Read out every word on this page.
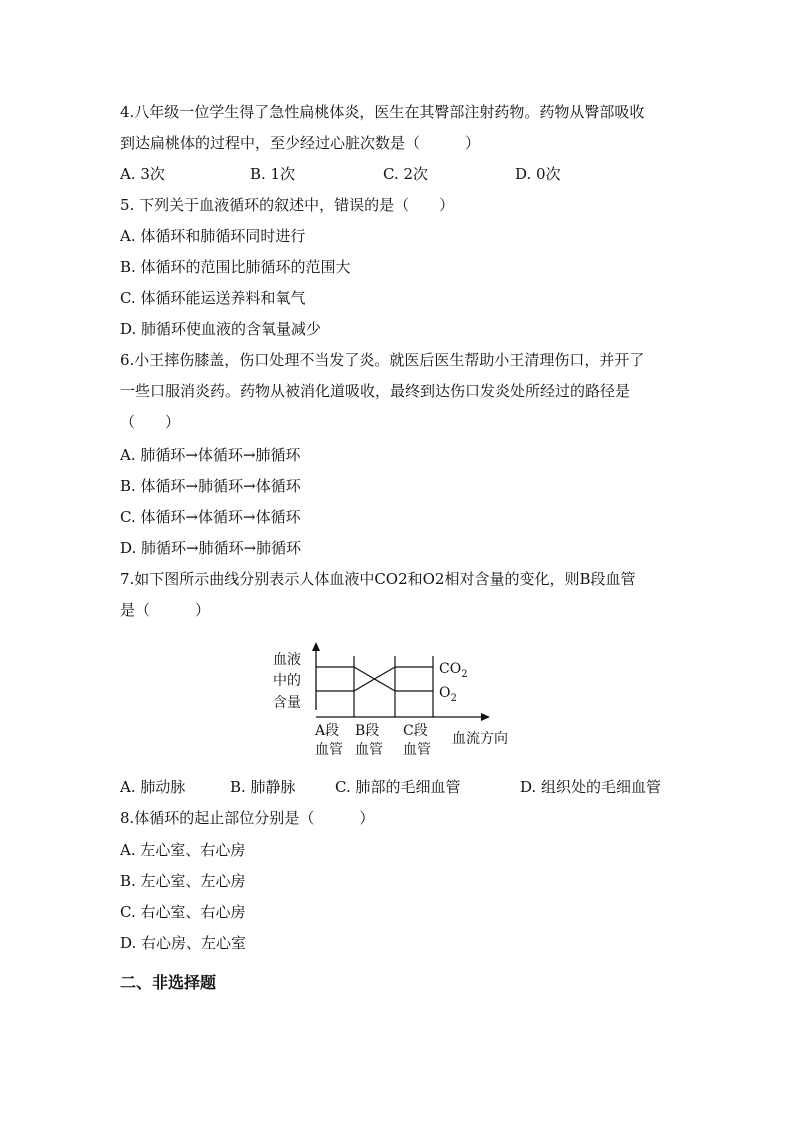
4.八年级一位学生得了急性扁桃体炎，医生在其臀部注射药物。药物从臀部吸收
到达扁桃体的过程中，至少经过心脏次数是（　　　）
A. 3次	B. 1次	C. 2次	D. 0次
5. 下列关于血液循环的叙述中，错误的是（　　）
A. 体循环和肺循环同时进行
B. 体循环的范围比肺循环的范围大
C. 体循环能运送养料和氧气
D. 肺循环使血液的含氧量减少
6.小王摔伤膝盖，伤口处理不当发了炎。就医后医生帮助小王清理伤口，并开了
一些口服消炎药。药物从被消化道吸收，最终到达伤口发炎处所经过的路径是
（　　）
A. 肺循环→体循环→肺循环
B. 体循环→肺循环→体循环
C. 体循环→体循环→体循环
D. 肺循环→肺循环→肺循环
7.如下图所示曲线分别表示人体血液中CO2和O2相对含量的变化，则B段血管
是（　　　）
血液
中的
含量
$CO_2$
$O_2$
A段
血管
B段
血管
C段
血管
血流方向
A. 肺动脉	B. 肺静脉	C. 肺部的毛细血管	D. 组织处的毛细血管
8.体循环的起止部位分别是（　　　）
A. 左心室、右心房
B. 左心室、左心房
C. 右心室、右心房
D. 右心房、左心室
二、非选择题
